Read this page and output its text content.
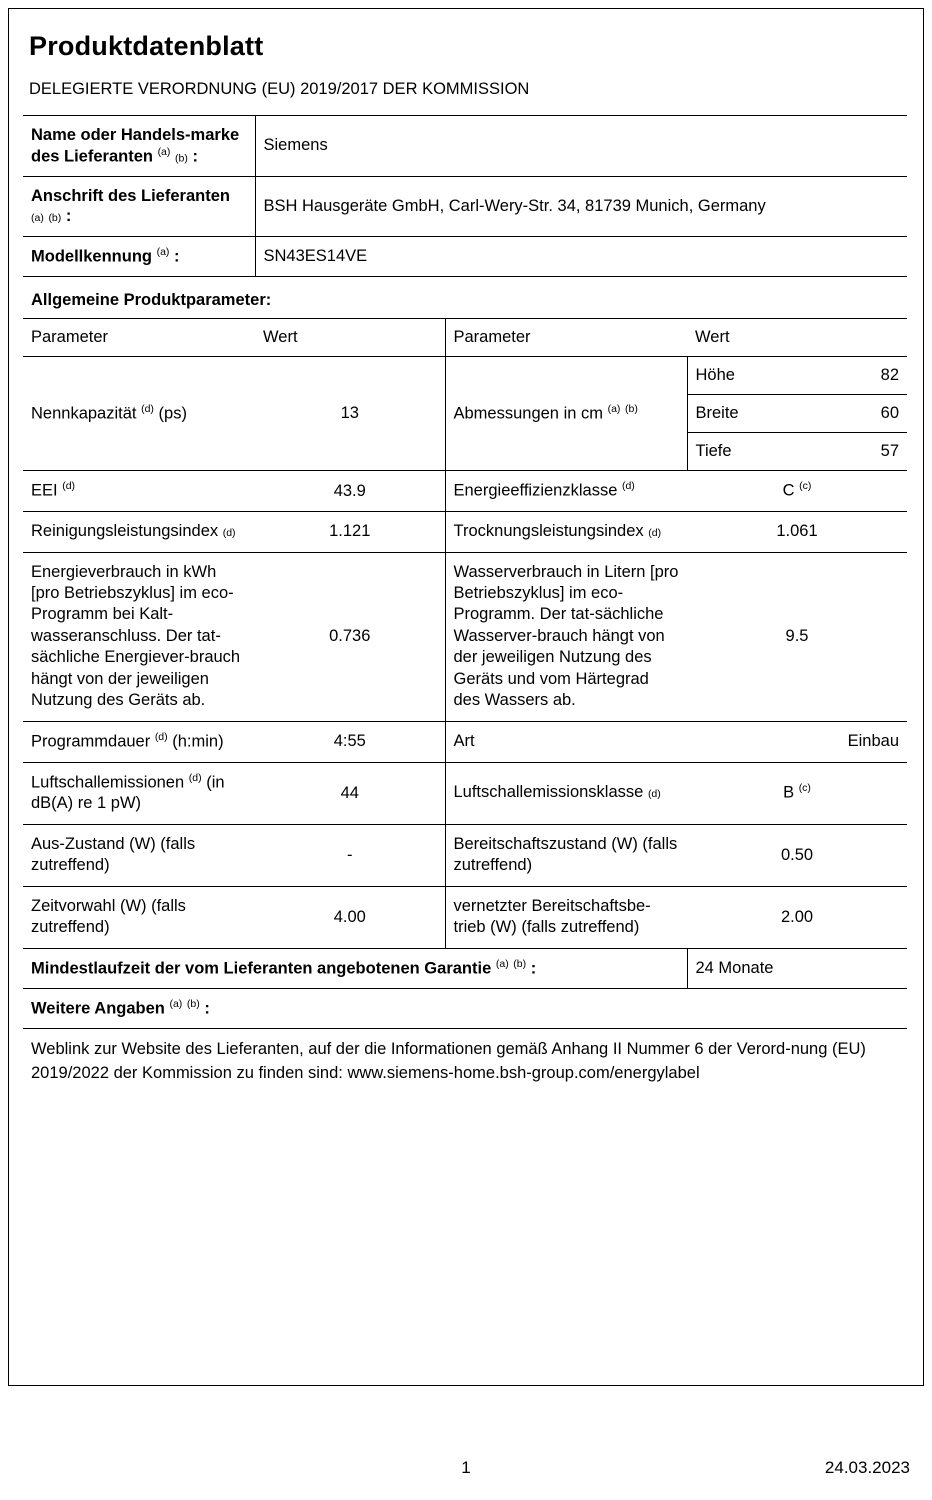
Produktdatenblatt
DELEGIERTE VERORDNUNG (EU) 2019/2017 DER KOMMISSION
Name oder Handels-marke des Lieferanten $^{(a)}$ (b) :	Siemens
Anschrift des Lieferanten (a) (b) :	BSH Hausgeräte GmbH, Carl-Wery-Str. 34, 81739 Munich, Germany
Modellkennung $^{(a)}$ :	SN43ES14VE
Allgemeine Produktparameter:
Parameter	Wert	Parameter	Wert
Nennkapazität $^{(d)}$ (ps)	13	Abmessungen in cm $^{(a)}$ $^{(b)}$	
Höhe	82
Breite	60
Tiefe	57

EEI $^{(d)}$	43.9	Energieeffizienzklasse $^{(d)}$	C $^{(c)}$
Reinigungsleistungsindex (d)	1.121	Trocknungsleistungsindex (d)	1.061
Energieverbrauch in kWh [pro Betriebszyklus] im eco-Programm bei Kalt-wasseranschluss. Der tat-sächliche Energiever-brauch hängt von der jeweiligen Nutzung des Geräts ab.	0.736	Wasserverbrauch in Litern [pro Betriebszyklus] im eco-Programm. Der tat-sächliche Wasserver-brauch hängt von der jeweiligen Nutzung des Geräts und vom Härtegrad des Wassers ab.	9.5
Programmdauer $^{(d)}$ (h:min)	4:55	Art	Einbau
Luftschallemissionen $^{(d)}$ (in dB(A) re 1 pW)	44	Luftschallemissionsklasse (d)	B $^{(c)}$
Aus-Zustand (W) (falls zutreffend)	-	Bereitschaftszustand (W) (falls zutreffend)	0.50
Zeitvorwahl (W) (falls zutreffend)	4.00	vernetzter Bereitschaftsbe-trieb (W) (falls zutreffend)	2.00
Mindestlaufzeit der vom Lieferanten angebotenen Garantie $^{(a)}$ $^{(b)}$ :	24 Monate
Weitere Angaben $^{(a)}$ $^{(b)}$ :
Weblink zur Website des Lieferanten, auf der die Informationen gemäß Anhang II Nummer 6 der Verord-nung (EU) 2019/2022 der Kommission zu finden sind: www.siemens-home.bsh-group.com/energylabel
1	24.03.2023
